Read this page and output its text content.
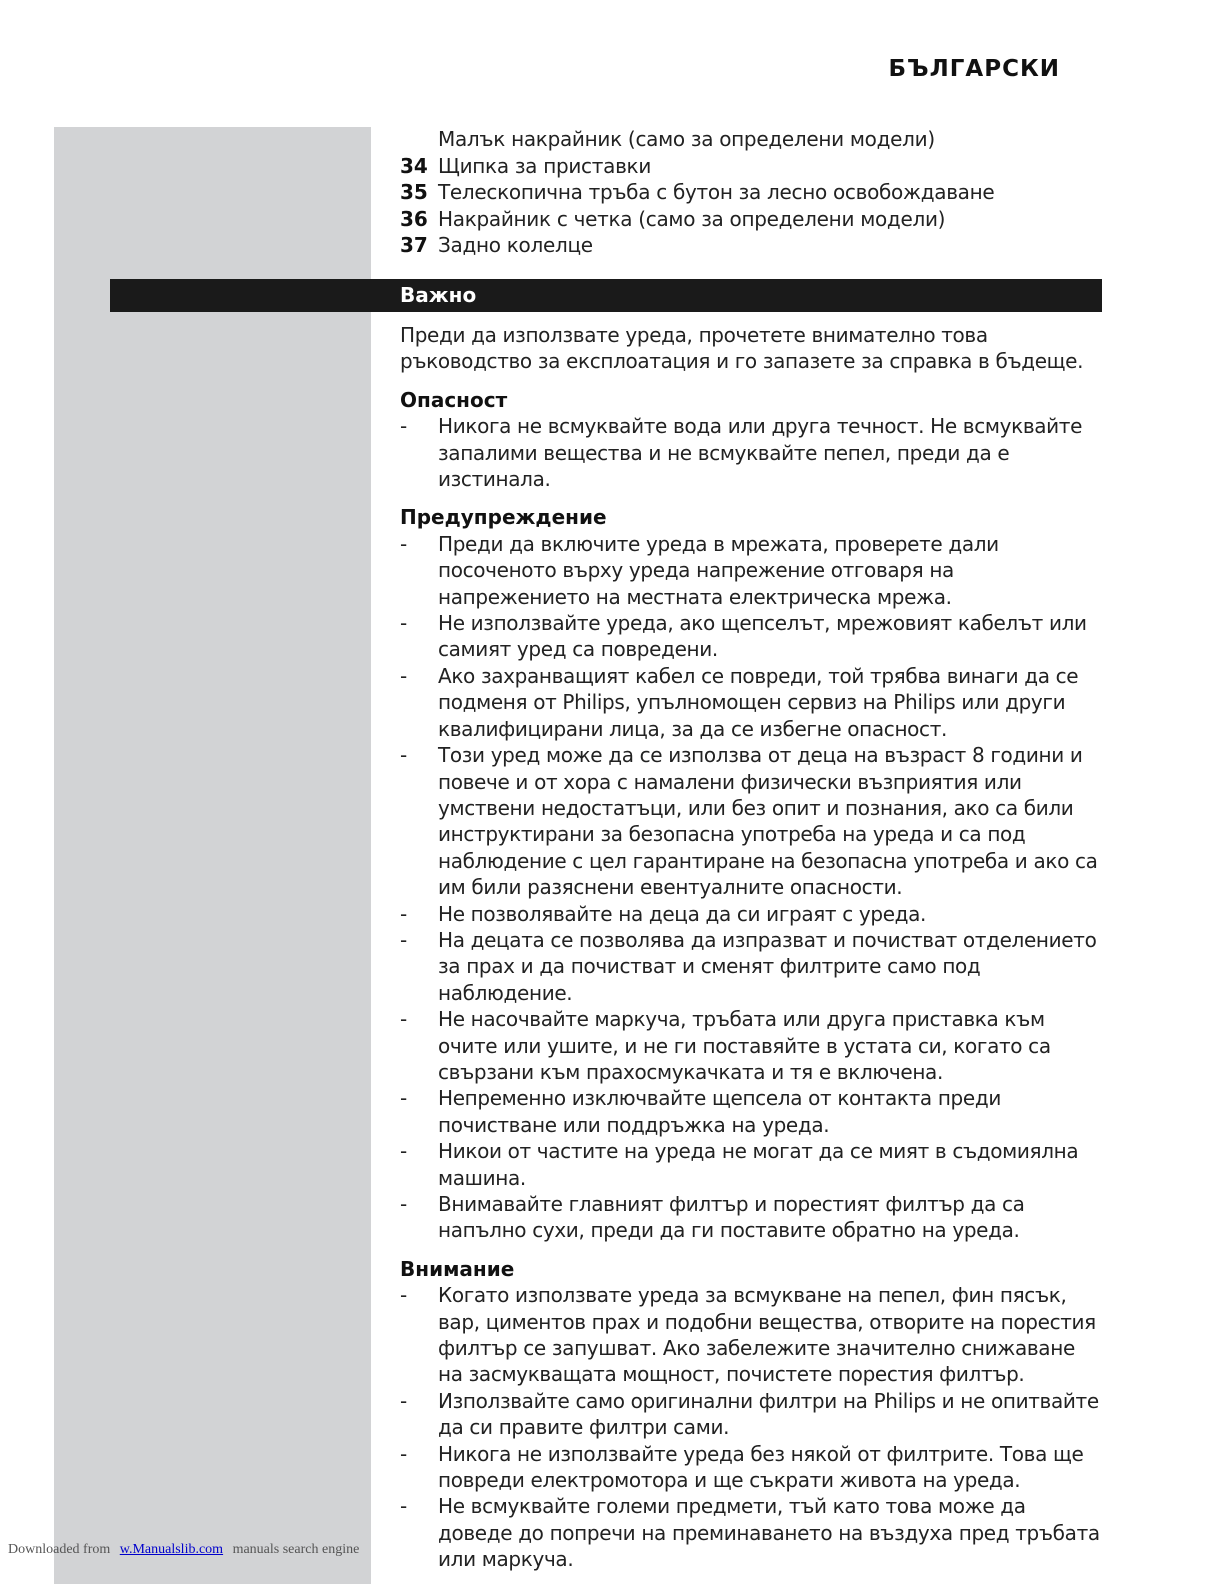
БЪЛГАРСКИ
Малък накрайник (само за определени модели)
34 Щипка за приставки
35 Телескопична тръба с бутон за лесно освобождаване
36 Накрайник с четка (само за определени модели)
37 Задно колелце
Важно

Преди да използвате уреда, прочетете внимателно това ръководство за експлоатация и го запазете за справка в бъдеще.

Опасност

-	Никога не всмуквайте вода или друга течност. Не всмуквайте запалими вещества и не всмуквайте пепел, преди да е изстинала.

Предупреждение

-	Преди да включите уреда в мрежата, проверете дали посоченото върху уреда напрежение отговаря на напрежението на местната електрическа мрежа.
-	Не използвайте уреда, ако щепселът, мрежовият кабелът или самият уред са повредени.
-	Ако захранващият кабел се повреди, той трябва винаги да се подменя от Philips, упълномощен сервиз на Philips или други квалифицирани лица, за да се избегне опасност.
-	Този уред може да се използва от деца на възраст 8 години и повече и от хора с намалени физически възприятия или умствени недостатъци, или без опит и познания, ако са били инструктирани за безопасна употреба на уреда и са под наблюдение с цел гарантиране на безопасна употреба и ако са им били разяснени евентуалните опасности.
-	Не позволявайте на деца да си играят с уреда.
-	На децата се позволява да изпразват и почистват отделението за прах и да почистват и сменят филтрите само под наблюдение.
-	Не насочвайте маркуча, тръбата или друга приставка към очите или ушите, и не ги поставяйте в устата си, когато са свързани към прахосмукачката и тя е включена.
-	Непременно изключвайте щепсела от контакта преди почистване или поддръжка на уреда.
-	Никои от частите на уреда не могат да се мият в съдомиялна машина.
-	Внимавайте главният филтър и порестият филтър да са напълно сухи, преди да ги поставите обратно на уреда.

Внимание

-	Когато използвате уреда за всмукване на пепел, фин пясък, вар, циментов прах и подобни вещества, отворите на порестия филтър се запушват. Ако забележите значително снижаване на засмукващата мощност, почистете порестия филтър.
-	Използвайте само оригинални филтри на Philips и не опитвайте да си правите филтри сами.
-	Никога не използвайте уреда без някой от филтрите. Това ще повреди електромотора и ще съкрати живота на уреда.
-	Не всмуквайте големи предмети, тъй като това може да доведе до попречи на преминаването на въздуха пред тръбата или маркуча.
Downloaded from w.Manualslib.com manuals search engine
